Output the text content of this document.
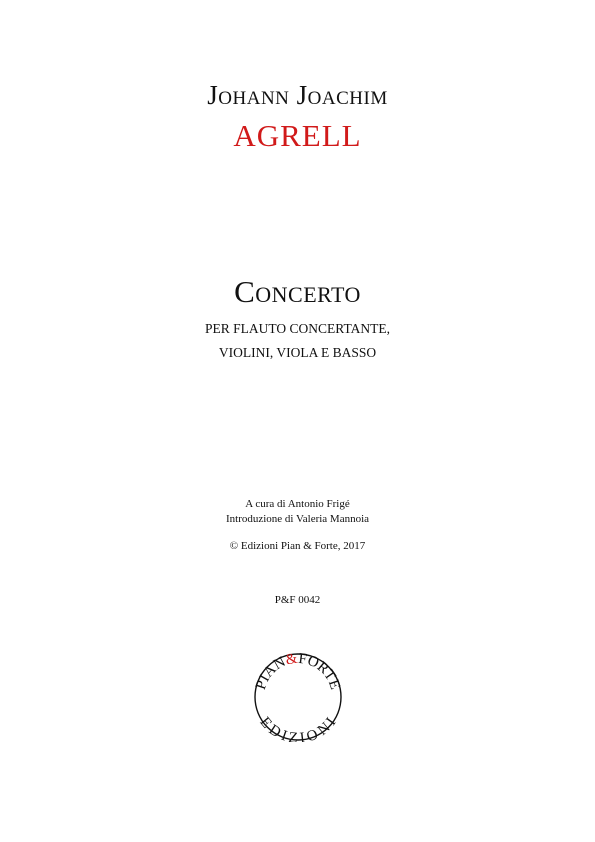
Johann Joachim
AGRELL
Concerto
PER FLAUTO CONCERTANTE,
VIOLINI, VIOLA E BASSO
A cura di Antonio Frigé
Introduzione di Valeria Mannoia
© Edizioni Pian & Forte, 2017
P&F 0042
PIAN&FORTE
EDIZIONI
